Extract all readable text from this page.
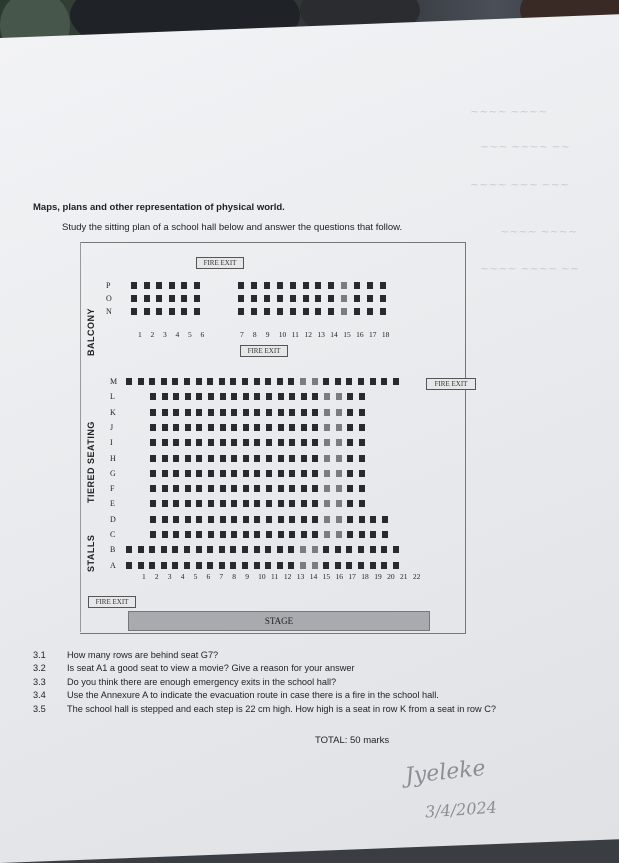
~~~~ ~~~~
~~~ ~~~~ ~~
~~~~ ~~~ ~~~
~~~~ ~~~~
~~~~ ~~~~ ~~
Maps, plans and other representation of physical world.
Study the sitting plan of a school hall below and answer the questions that follow.
FIRE EXIT
FIRE EXIT
FIRE EXIT
FIRE EXIT
BALCONY
TIERED SEATING
STALLS
P
O
N
1 2 3 4 5 6	7 8 9 10 11 12 13 14 15 16 17 18
M
L
K
J
I
H
G
F
E
D
C
B
A
1 2 3 4 5 6 7 8 9 10 11 12 13 14 15 16 17 18 19 20 21 22
STAGE
3.1 How many rows are behind seat G7?
3.2 Is seat A1 a good seat to view a movie? Give a reason for your answer
3.3 Do you think there are enough emergency exits in the school hall?
3.4 Use the Annexure A to indicate the evacuation route in case there is a fire in the school hall.
3.5 The school hall is stepped and each step is 22 cm high. How high is a seat in row K from a seat in row C?
TOTAL: 50 marks
Jyeleke
3/4/2024
